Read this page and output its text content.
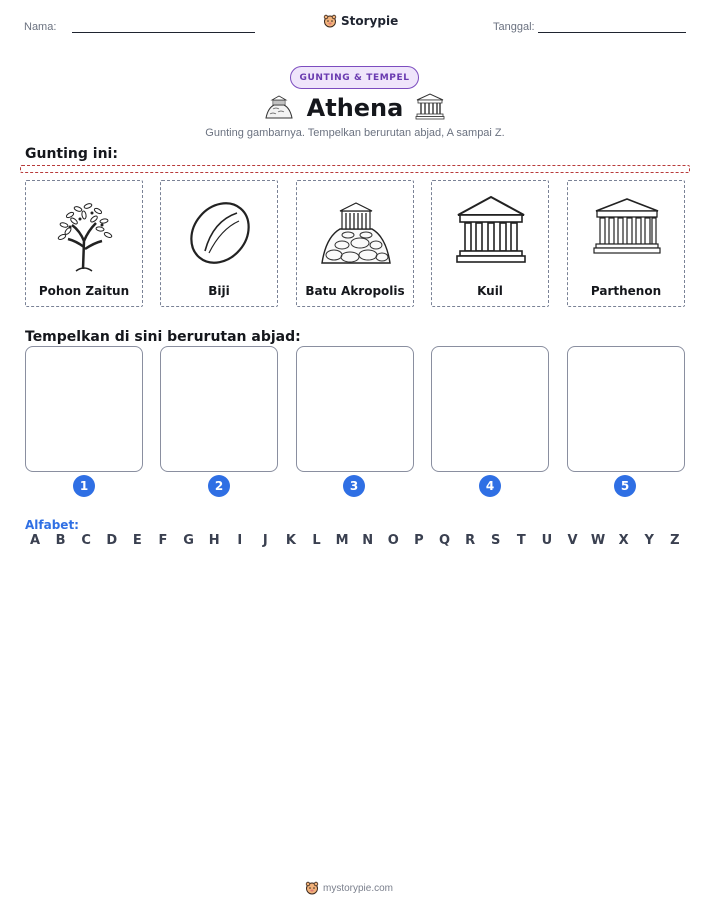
Nama:	Storypie	Tanggal:
GUNTING & TEMPEL
Athena
Gunting gambarnya. Tempelkan berurutan abjad, A sampai Z.
Gunting ini:
Pohon Zaitun	Biji	Batu Akropolis	Kuil	Parthenon
Tempelkan di sini berurutan abjad:
1	2	3	4	5
Alfabet:
A	B	C	D	E	F	G	H	I	J	K	L	M	N	O	P	Q	R	S	T	U	V	W	X	Y	Z
mystorypie.com
